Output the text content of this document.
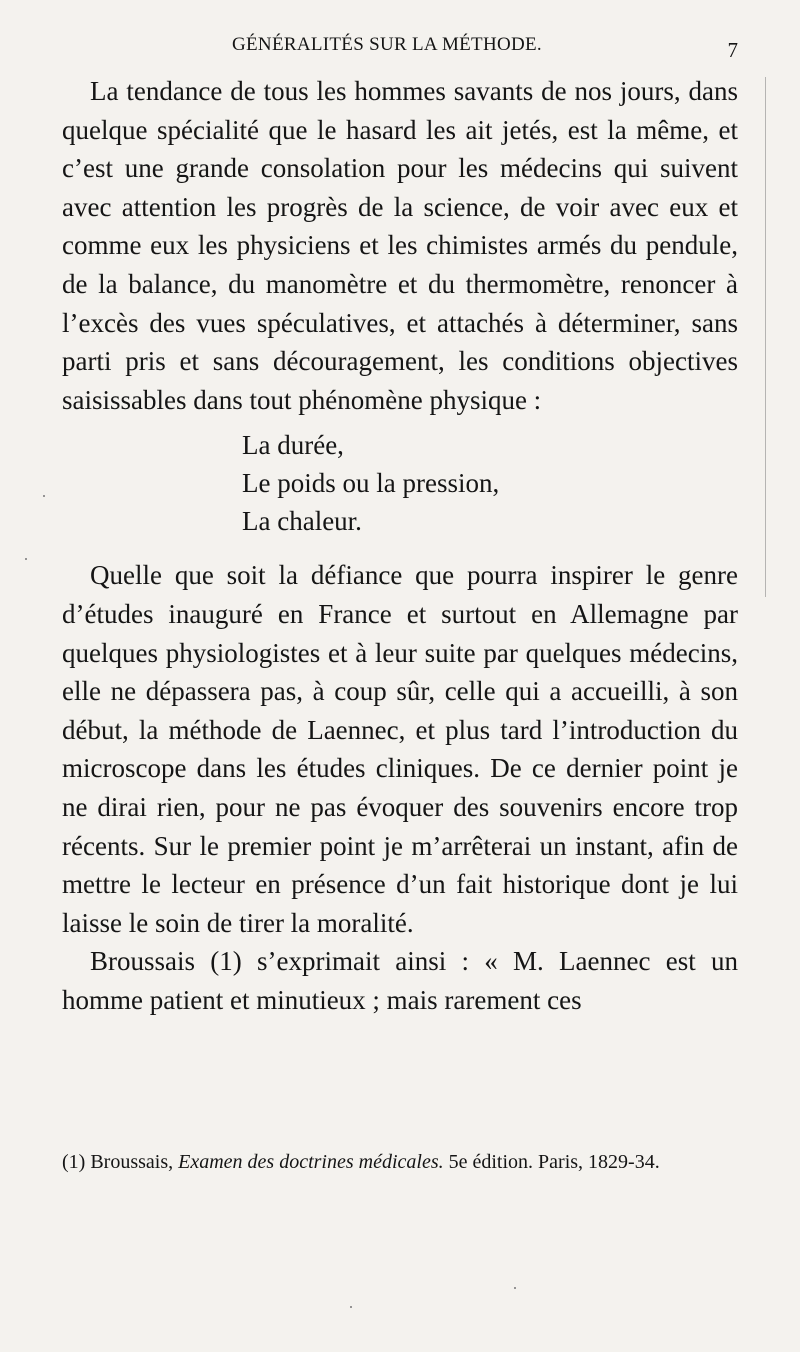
GÉNÉRALITÉS SUR LA MÉTHODE.	7

La tendance de tous les hommes savants de nos jours, dans quelque spécialité que le hasard les ait jetés, est la même, et c’est une grande consolation pour les médecins qui suivent avec attention les progrès de la science, de voir avec eux et comme eux les physiciens et les chimistes armés du pendule, de la balance, du manomètre et du thermomètre, renoncer à l’excès des vues spéculatives, et attachés à déterminer, sans parti pris et sans découragement, les conditions objectives saisissables dans tout phénomène physique :

La durée,
Le poids ou la pression,
La chaleur.

Quelle que soit la défiance que pourra inspirer le genre d’études inauguré en France et surtout en Allemagne par quelques physiologistes et à leur suite par quelques médecins, elle ne dépassera pas, à coup sûr, celle qui a accueilli, à son début, la méthode de Laennec, et plus tard l’introduction du microscope dans les études cliniques. De ce dernier point je ne dirai rien, pour ne pas évoquer des souvenirs encore trop récents. Sur le premier point je m’arrêterai un instant, afin de mettre le lecteur en présence d’un fait historique dont je lui laisse le soin de tirer la moralité.

Broussais (1) s’exprimait ainsi : « M. Laennec est un homme patient et minutieux ; mais rarement ces

(1) Broussais, Examen des doctrines médicales. 5e édition. Paris, 1829-34.
